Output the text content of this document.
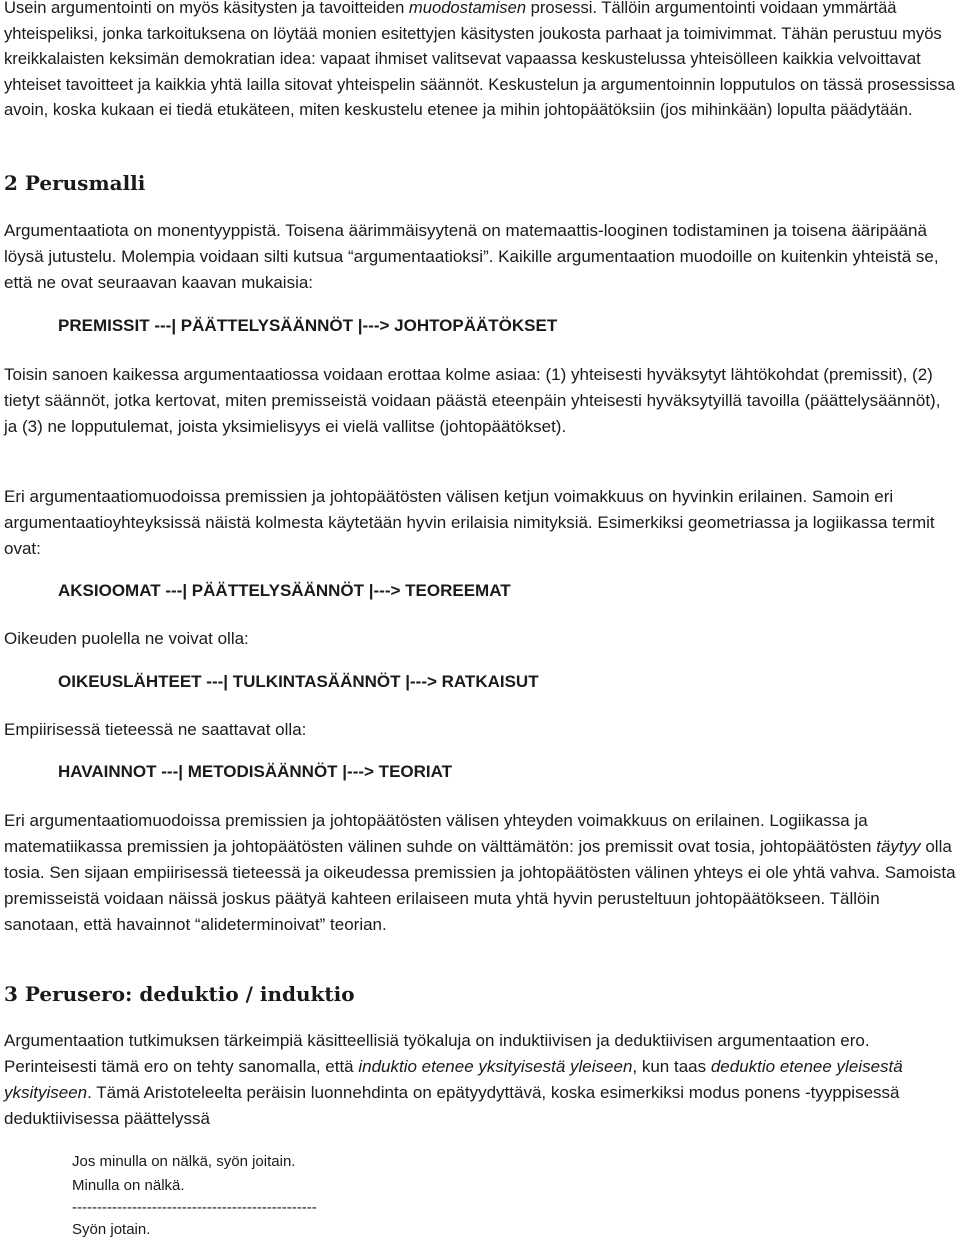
Usein argumentointi on myös käsitysten ja tavoitteiden muodostamisen prosessi. Tällöin argumentointi voidaan ymmärtää yhteispeliksi, jonka tarkoituksena on löytää monien esitettyjen käsitysten joukosta parhaat ja toimivimmat. Tähän perustuu myös kreikkalaisten keksimän demokratian idea: vapaat ihmiset valitsevat vapaassa keskustelussa yhteisölleen kaikkia velvoittavat yhteiset tavoitteet ja kaikkia yhtä lailla sitovat yhteispelin säännöt. Keskustelun ja argumentoinnin lopputulos on tässä prosessissa avoin, koska kukaan ei tiedä etukäteen, miten keskustelu etenee ja mihin johtopäätöksiin (jos mihinkään) lopulta päädytään.

2 Perusmalli

Argumentaatiota on monentyyppistä. Toisena äärimmäisyytenä on matemaattis-looginen todistaminen ja toisena ääripäänä löysä jutustelu. Molempia voidaan silti kutsua “argumentaatioksi”. Kaikille argumentaation muodoille on kuitenkin yhteistä se, että ne ovat seuraavan kaavan mukaisia:

PREMISSIT ---| PÄÄTTELYSÄÄNNÖT |---> JOHTOPÄÄTÖKSET

Toisin sanoen kaikessa argumentaatiossa voidaan erottaa kolme asiaa: (1) yhteisesti hyväksytyt lähtökohdat (premissit), (2) tietyt säännöt, jotka kertovat, miten premisseistä voidaan päästä eteenpäin yhteisesti hyväksytyillä tavoilla (päättelysäännöt), ja (3) ne lopputulemat, joista yksimielisyys ei vielä vallitse (johtopäätökset).

Eri argumentaatiomuodoissa premissien ja johtopäätösten välisen ketjun voimakkuus on hyvinkin erilainen. Samoin eri argumentaatioyhteyksissä näistä kolmesta käytetään hyvin erilaisia nimityksiä. Esimerkiksi geometriassa ja logiikassa termit ovat:

AKSIOOMAT ---| PÄÄTTELYSÄÄNNÖT |---> TEOREEMAT

Oikeuden puolella ne voivat olla:

OIKEUSLÄHTEET ---| TULKINTASÄÄNNÖT |---> RATKAISUT

Empiirisessä tieteessä ne saattavat olla:

HAVAINNOT ---| METODISÄÄNNÖT |---> TEORIAT

Eri argumentaatiomuodoissa premissien ja johtopäätösten välisen yhteyden voimakkuus on erilainen. Logiikassa ja matematiikassa premissien ja johtopäätösten välinen suhde on välttämätön: jos premissit ovat tosia, johtopäätösten täytyy olla tosia. Sen sijaan empiirisessä tieteessä ja oikeudessa premissien ja johtopäätösten välinen yhteys ei ole yhtä vahva. Samoista premisseistä voidaan näissä joskus päätyä kahteen erilaiseen muta yhtä hyvin perusteltuun johtopäätökseen. Tällöin sanotaan, että havainnot “alideterminoivat” teorian.

3 Perusero: deduktio / induktio

Argumentaation tutkimuksen tärkeimpiä käsitteellisiä työkaluja on induktiivisen ja deduktiivisen argumentaation ero. Perinteisesti tämä ero on tehty sanomalla, että induktio etenee yksityisestä yleiseen, kun taas deduktio etenee yleisestä yksityiseen. Tämä Aristoteleelta peräisin luonnehdinta on epätyydyttävä, koska esimerkiksi modus ponens -tyyppisessä deduktiivisessa päättelyssä

Jos minulla on nälkä, syön joitain.
Minulla on nälkä.
-------------------------------------------------
Syön jotain.
